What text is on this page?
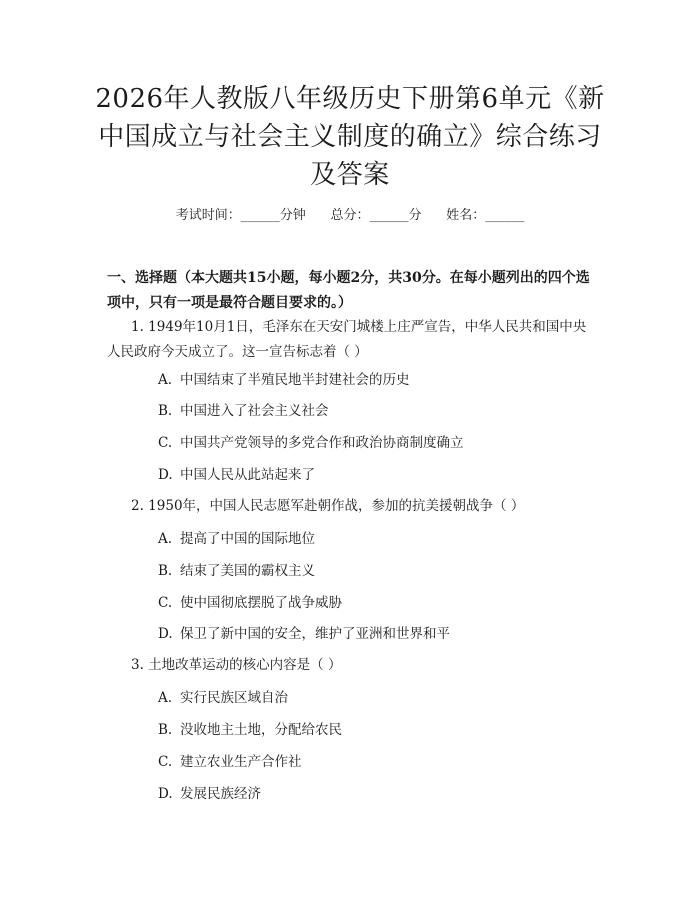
2026年人教版八年级历史下册第6单元《新中国成立与社会主义制度的确立》综合练习及答案
考试时间：______分钟      总分：______分      姓名：______

一、选择题（本大题共15小题，每小题2分，共30分。在每小题列出的四个选项中，只有一项是最符合题目要求的。）

1. 1949年10月1日，毛泽东在天安门城楼上庄严宣告，中华人民共和国中央人民政府今天成立了。这一宣告标志着（ ）

A. 中国结束了半殖民地半封建社会的历史
B. 中国进入了社会主义社会
C. 中国共产党领导的多党合作和政治协商制度确立
D. 中国人民从此站起来了

2. 1950年，中国人民志愿军赴朝作战，参加的抗美援朝战争（ ）

A. 提高了中国的国际地位
B. 结束了美国的霸权主义
C. 使中国彻底摆脱了战争威胁
D. 保卫了新中国的安全，维护了亚洲和世界和平

3. 土地改革运动的核心内容是（ ）

A. 实行民族区域自治
B. 没收地主土地，分配给农民
C. 建立农业生产合作社
D. 发展民族经济
